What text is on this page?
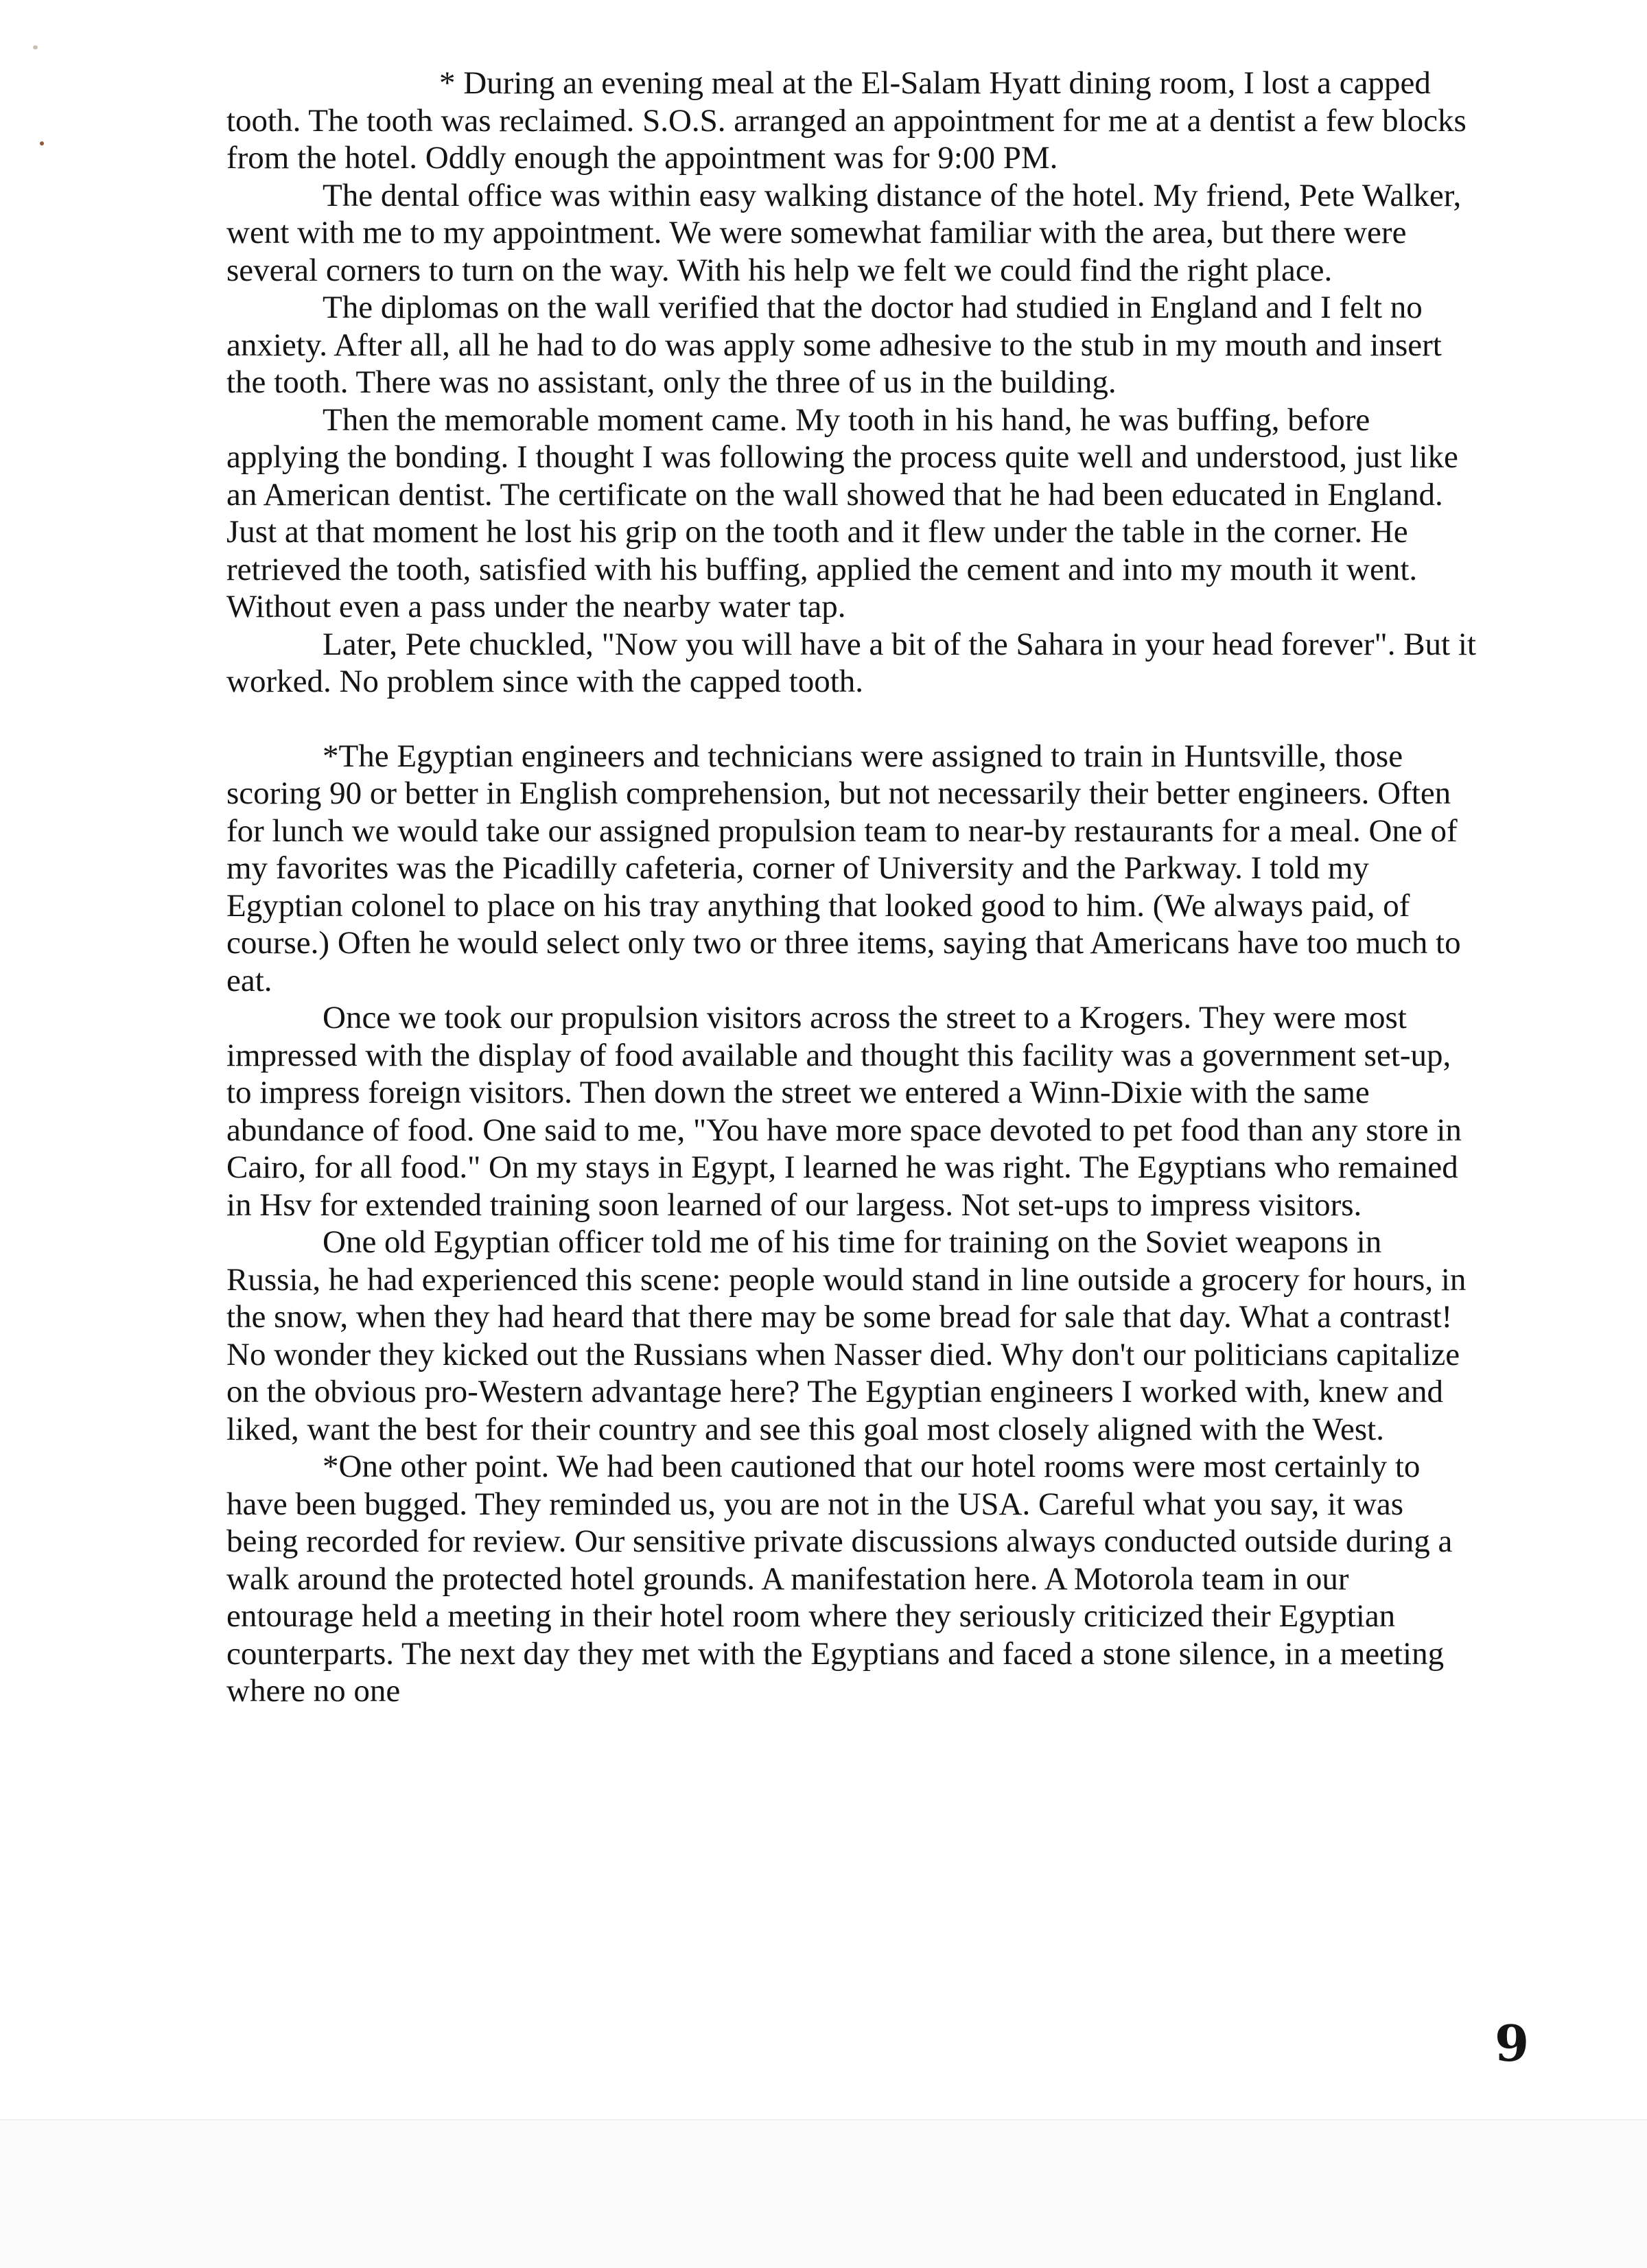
* During an evening meal at the El-Salam Hyatt dining room, I lost a capped tooth. The tooth was reclaimed. S.O.S. arranged an appointment for me at a dentist a few blocks from the hotel. Oddly enough the appointment was for 9:00 PM.

The dental office was within easy walking distance of the hotel. My friend, Pete Walker, went with me to my appointment. We were somewhat familiar with the area, but there were several corners to turn on the way. With his help we felt we could find the right place.

The diplomas on the wall verified that the doctor had studied in England and I felt no anxiety. After all, all he had to do was apply some adhesive to the stub in my mouth and insert the tooth. There was no assistant, only the three of us in the building.

Then the memorable moment came. My tooth in his hand, he was buffing, before applying the bonding. I thought I was following the process quite well and understood, just like an American dentist. The certificate on the wall showed that he had been educated in England. Just at that moment he lost his grip on the tooth and it flew under the table in the corner. He retrieved the tooth, satisfied with his buffing, applied the cement and into my mouth it went. Without even a pass under the nearby water tap.

Later, Pete chuckled, "Now you will have a bit of the Sahara in your head forever". But it worked. No problem since with the capped tooth.

*The Egyptian engineers and technicians were assigned to train in Huntsville, those scoring 90 or better in English comprehension, but not necessarily their better engineers. Often for lunch we would take our assigned propulsion team to near-by restaurants for a meal. One of my favorites was the Picadilly cafeteria, corner of University and the Parkway. I told my Egyptian colonel to place on his tray anything that looked good to him. (We always paid, of course.) Often he would select only two or three items, saying that Americans have too much to eat.

Once we took our propulsion visitors across the street to a Krogers. They were most impressed with the display of food available and thought this facility was a government set-up, to impress foreign visitors. Then down the street we entered a Winn-Dixie with the same abundance of food. One said to me, "You have more space devoted to pet food than any store in Cairo, for all food." On my stays in Egypt, I learned he was right. The Egyptians who remained in Hsv for extended training soon learned of our largess. Not set-ups to impress visitors.

One old Egyptian officer told me of his time for training on the Soviet weapons in Russia, he had experienced this scene: people would stand in line outside a grocery for hours, in the snow, when they had heard that there may be some bread for sale that day. What a contrast! No wonder they kicked out the Russians when Nasser died. Why don't our politicians capitalize on the obvious pro-Western advantage here? The Egyptian engineers I worked with, knew and liked, want the best for their country and see this goal most closely aligned with the West.

*One other point. We had been cautioned that our hotel rooms were most certainly to have been bugged. They reminded us, you are not in the USA. Careful what you say, it was being recorded for review. Our sensitive private discussions always conducted outside during a walk around the protected hotel grounds. A manifestation here. A Motorola team in our entourage held a meeting in their hotel room where they seriously criticized their Egyptian counterparts. The next day they met with the Egyptians and faced a stone silence, in a meeting where no one

9
